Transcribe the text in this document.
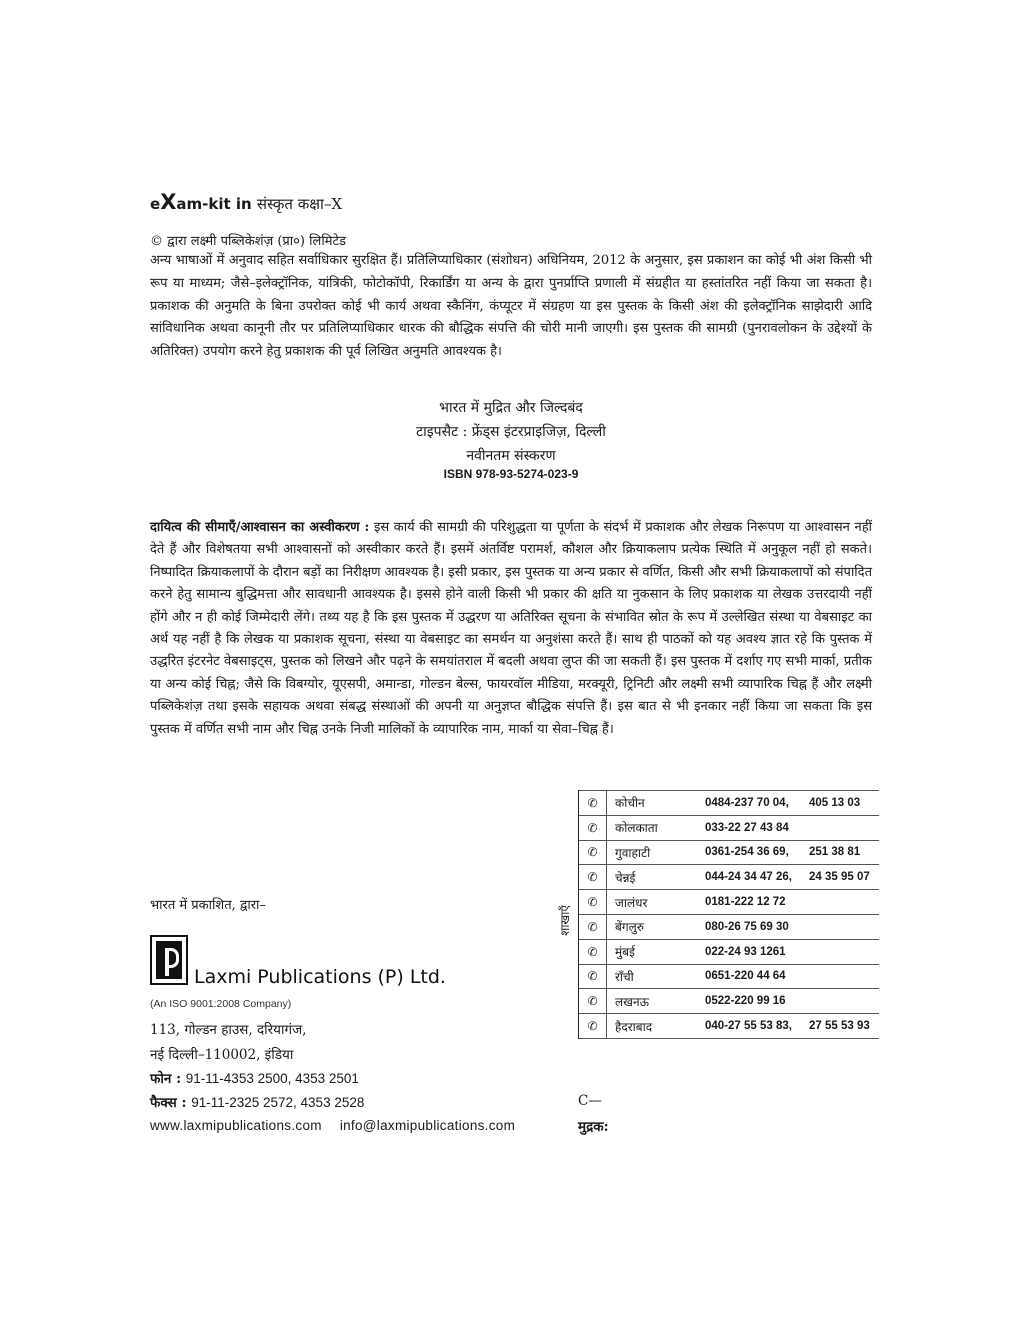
eXam-kit in संस्कृत कक्षा–X
© द्वारा लक्ष्मी पब्लिकेशंज़ (प्रा०) लिमिटेड
अन्य भाषाओं में अनुवाद सहित सर्वाधिकार सुरक्षित हैं। प्रतिलिप्याधिकार (संशोधन) अधिनियम, 2012 के अनुसार, इस प्रकाशन का कोई भी अंश किसी भी रूप या माध्यम; जैसे–इलेक्ट्रॉनिक, यांत्रिकी, फोटोकॉपी, रिकार्डिंग या अन्य के द्वारा पुनर्प्राप्ति प्रणाली में संग्रहीत या हस्तांतरित नहीं किया जा सकता है। प्रकाशक की अनुमति के बिना उपरोक्त कोई भी कार्य अथवा स्कैनिंग, कंप्यूटर में संग्रहण या इस पुस्तक के किसी अंश की इलेक्ट्रॉनिक साझेदारी आदि सांविधानिक अथवा कानूनी तौर पर प्रतिलिप्याधिकार धारक की बौद्धिक संपत्ति की चोरी मानी जाएगी। इस पुस्तक की सामग्री (पुनरावलोकन के उद्देश्यों के अतिरिक्त) उपयोग करने हेतु प्रकाशक की पूर्व लिखित अनुमति आवश्यक है।
भारत में मुद्रित और जिल्दबंद
टाइपसैट : फ्रेंड्स इंटरप्राइजिज़, दिल्ली
नवीनतम संस्करण
ISBN 978-93-5274-023-9
दायित्व की सीमाएँ/आश्वासन का अस्वीकरण : इस कार्य की सामग्री की परिशुद्धता या पूर्णता के संदर्भ में प्रकाशक और लेखक निरूपण या आश्वासन नहीं देते हैं और विशेषतया सभी आश्वासनों को अस्वीकार करते हैं। इसमें अंतर्विष्ट परामर्श, कौशल और क्रियाकलाप प्रत्येक स्थिति में अनुकूल नहीं हो सकते। निष्पादित क्रियाकलापों के दौरान बड़ों का निरीक्षण आवश्यक है। इसी प्रकार, इस पुस्तक या अन्य प्रकार से वर्णित, किसी और सभी क्रियाकलापों को संपादित करने हेतु सामान्य बुद्धिमत्ता और सावधानी आवश्यक है। इससे होने वाली किसी भी प्रकार की क्षति या नुकसान के लिए प्रकाशक या लेखक उत्तरदायी नहीं होंगे और न ही कोई जिम्मेदारी लेंगे। तथ्य यह है कि इस पुस्तक में उद्धरण या अतिरिक्त सूचना के संभावित स्रोत के रूप में उल्लेखित संस्था या वेबसाइट का अर्थ यह नहीं है कि लेखक या प्रकाशक सूचना, संस्था या वेबसाइट का समर्थन या अनुशंसा करते हैं। साथ ही पाठकों को यह अवश्य ज्ञात रहे कि पुस्तक में उद्धरित इंटरनेट वेबसाइट्स, पुस्तक को लिखने और पढ़ने के समयांतराल में बदली अथवा लुप्त की जा सकती हैं। इस पुस्तक में दर्शाए गए सभी मार्का, प्रतीक या अन्य कोई चिह्न; जैसे कि विबग्योर, यूएसपी, अमान्डा, गोल्डन बेल्स, फायरवॉल मीडिया, मरक्यूरी, ट्रिनिटी और लक्ष्मी सभी व्यापारिक चिह्न हैं और लक्ष्मी पब्लिकेशंज़ तथा इसके सहायक अथवा संबद्ध संस्थाओं की अपनी या अनुज्ञप्त बौद्धिक संपत्ति हैं। इस बात से भी इनकार नहीं किया जा सकता कि इस पुस्तक में वर्णित सभी नाम और चिह्न उनके निजी मालिकों के व्यापारिक नाम, मार्का या सेवा–चिह्न हैं।
भारत में प्रकाशित, द्वारा–
Laxmi Publications (P) Ltd.
(An ISO 9001:2008 Company)
113, गोल्डन हाउस, दरियागंज,
नई दिल्ली–110002, इंडिया
फोन : 91-11-4353 2500, 4353 2501
फैक्स : 91-11-2325 2572, 4353 2528
www.laxmipublications.com info@laxmipublications.com
शाखाएँ
✆	कोचीन	0484-237 70 04,	405 13 03
✆	कोलकाता	033-22 27 43 84	
✆	गुवाहाटी	0361-254 36 69,	251 38 81
✆	चेन्नई	044-24 34 47 26,	24 35 95 07
✆	जालंधर	0181-222 12 72	
✆	बेंगलुरु	080-26 75 69 30	
✆	मुंबई	022-24 93 1261	
✆	राँची	0651-220 44 64	
✆	लखनऊ	0522-220 99 16	
✆	हैदराबाद	040-27 55 53 83,	27 55 53 93
C—
मुद्रक:
